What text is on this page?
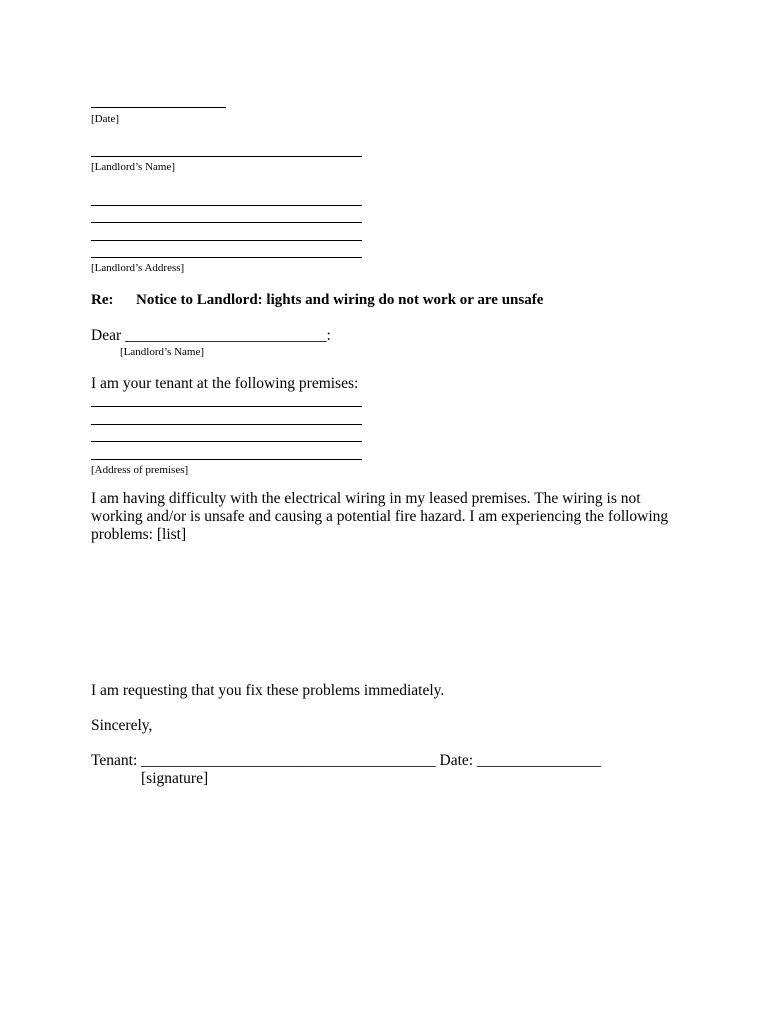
[Date]
[Landlord’s Name]
[Landlord’s Address]
Re: Notice to Landlord: lights and wiring do not work or are unsafe
Dear __________________________:
[Landlord’s Name]
I am your tenant at the following premises:
[Address of premises]
I am having difficulty with the electrical wiring in my leased premises. The wiring is not working and/or is unsafe and causing a potential fire hazard. I am experiencing the following problems: [list]
I am requesting that you fix these problems immediately.
Sincerely,
Tenant: ______________________________________ Date: ________________
[signature]
